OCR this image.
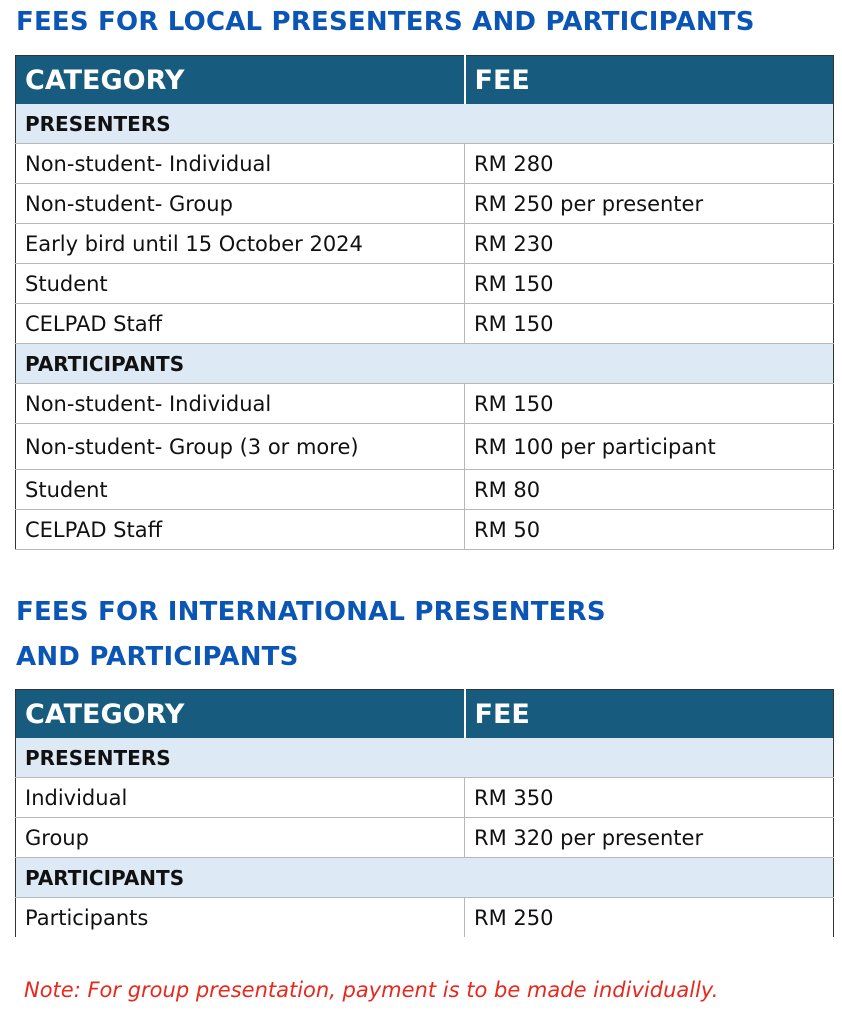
FEES FOR LOCAL PRESENTERS AND PARTICIPANTS
CATEGORY	FEE
PRESENTERS	
Non-student- Individual	RM 280
Non-student- Group	RM 250 per presenter
Early bird until 15 October 2024	RM 230
Student	RM 150
CELPAD Staff	RM 150
PARTICIPANTS	
Non-student- Individual	RM 150
Non-student- Group (3 or more)	RM 100 per participant
Student	RM 80
CELPAD Staff	RM 50
FEES FOR INTERNATIONAL PRESENTERS
AND PARTICIPANTS
CATEGORY	FEE
PRESENTERS	
Individual	RM 350
Group	RM 320 per presenter
PARTICIPANTS	
Participants	RM 250

Note: For group presentation, payment is to be made individually.
